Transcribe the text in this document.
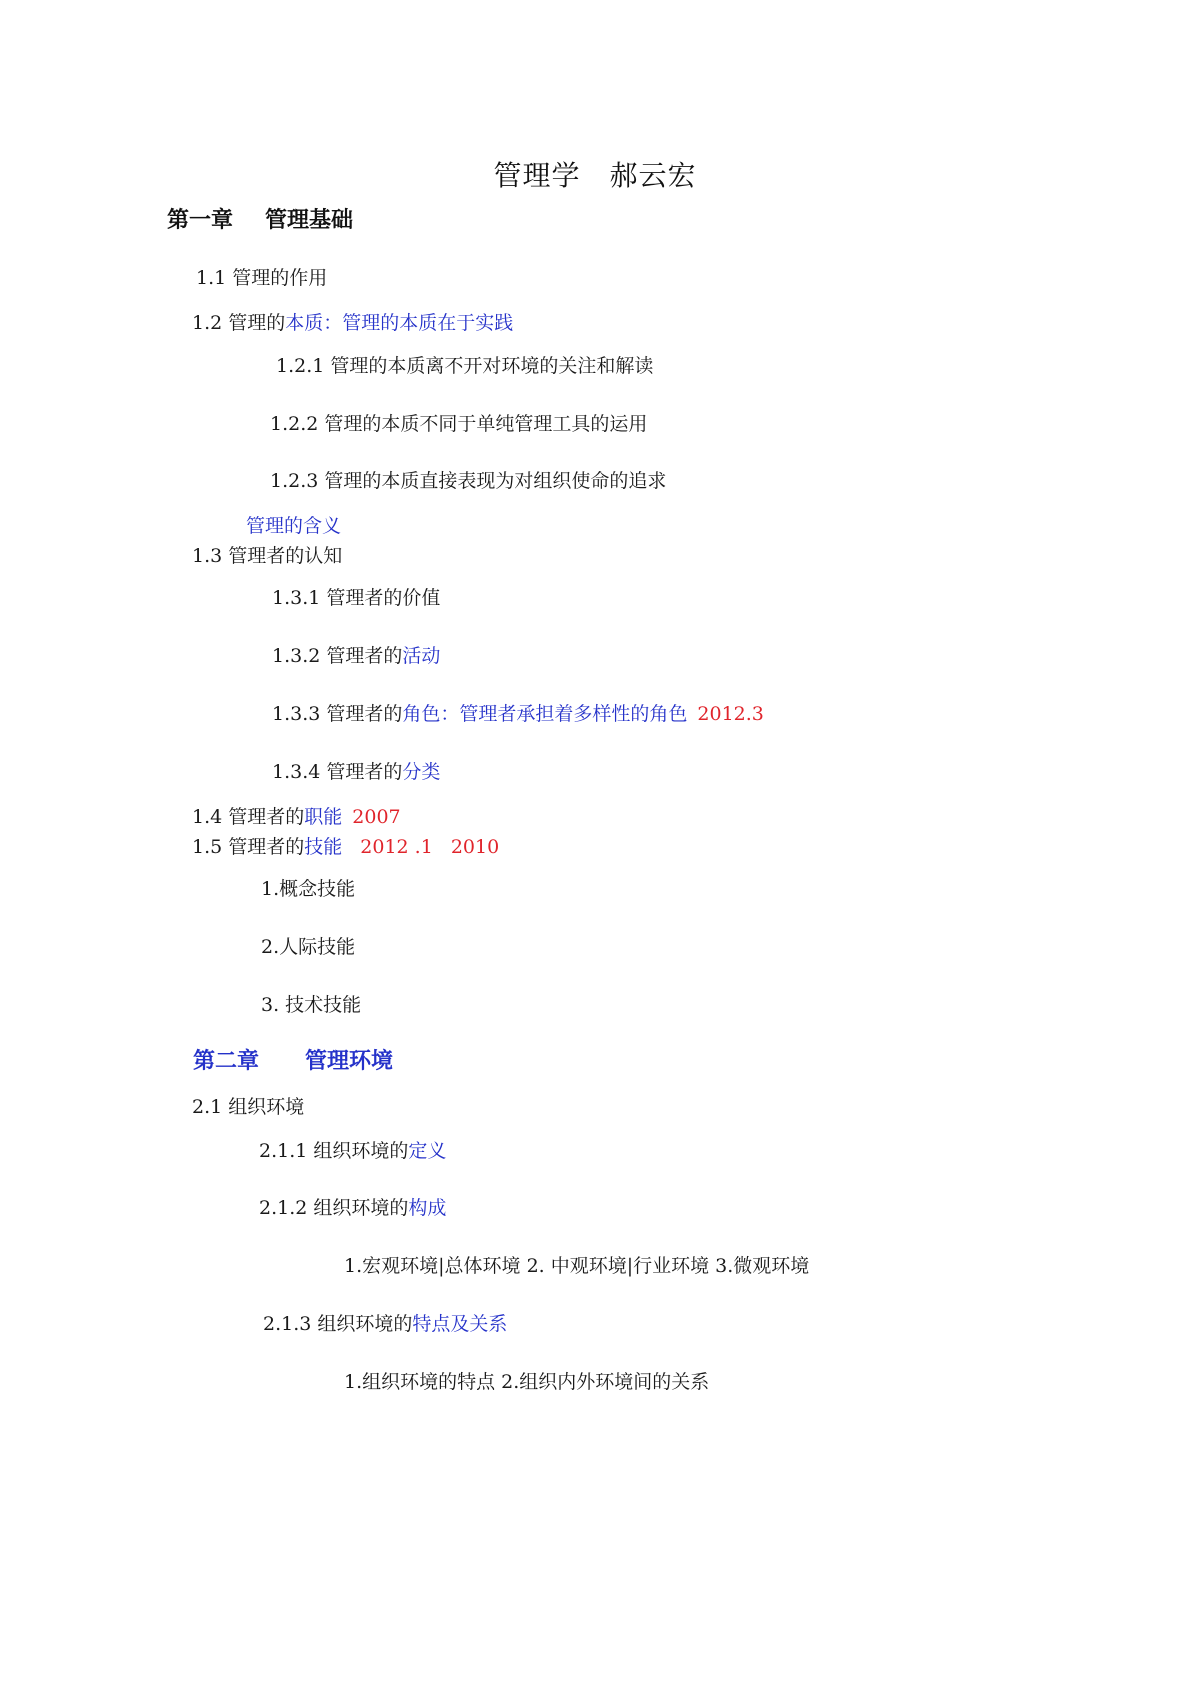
管理学　郝云宏
第一章 管理基础
1.1 管理的作用
1.2 管理的本质：管理的本质在于实践
1.2.1 管理的本质离不开对环境的关注和解读
1.2.2 管理的本质不同于单纯管理工具的运用
1.2.3 管理的本质直接表现为对组织使命的追求
管理的含义
1.3 管理者的认知
1.3.1 管理者的价值
1.3.2 管理者的活动
1.3.3 管理者的角色：管理者承担着多样性的角色 2012.3
1.3.4 管理者的分类
1.4 管理者的职能 2007
1.5 管理者的技能 2012 .1 2010
1.概念技能
2.人际技能
3. 技术技能
第二章 管理环境
2.1 组织环境
2.1.1 组织环境的定义
2.1.2 组织环境的构成
1.宏观环境|总体环境 2. 中观环境|行业环境 3.微观环境
2.1.3 组织环境的特点及关系
1.组织环境的特点 2.组织内外环境间的关系
